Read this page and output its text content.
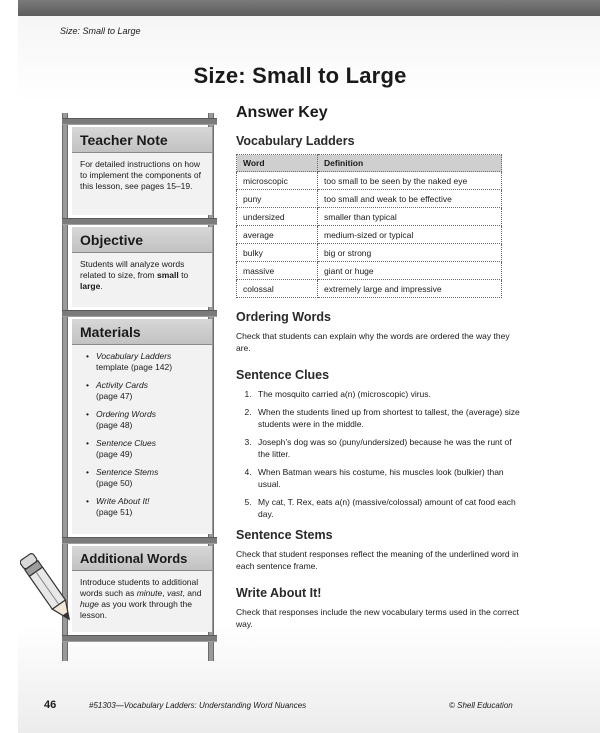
Size: Small to Large
Size: Small to Large
Teacher Note
For detailed instructions on how to implement the components of this lesson, see pages 15–19.
Objective
Students will analyze words related to size, from small to large.
Materials
• Vocabulary Ladders
template (page 142)
• Activity Cards
(page 47)
• Ordering Words
(page 48)
• Sentence Clues
(page 49)
• Sentence Stems
(page 50)
• Write About It!
(page 51)
Additional Words
Introduce students to additional words such as minute, vast, and huge as you work through the lesson.
Answer Key
Vocabulary Ladders
Word	Definition
microscopic	too small to be seen by the naked eye
puny	too small and weak to be effective
undersized	smaller than typical
average	medium-sized or typical
bulky	big or strong
massive	giant or huge
colossal	extremely large and impressive
Ordering Words

Check that students can explain why the words are ordered the way they are.

Sentence Clues
1. The mosquito carried a(n) (microscopic) virus.
2. When the students lined up from shortest to tallest, the (average) size students were in the middle.
3. Joseph’s dog was so (puny/undersized) because he was the runt of the litter.
4. When Batman wears his costume, his muscles look (bulkier) than usual.
5. My cat, T. Rex, eats a(n) (massive/colossal) amount of cat food each day.
Sentence Stems

Check that student responses reflect the meaning of the underlined word in each sentence frame.

Write About It!

Check that responses include the new vocabulary terms used in the correct way.

46	#51303—Vocabulary Ladders: Understanding Word Nuances	© Shell Education
